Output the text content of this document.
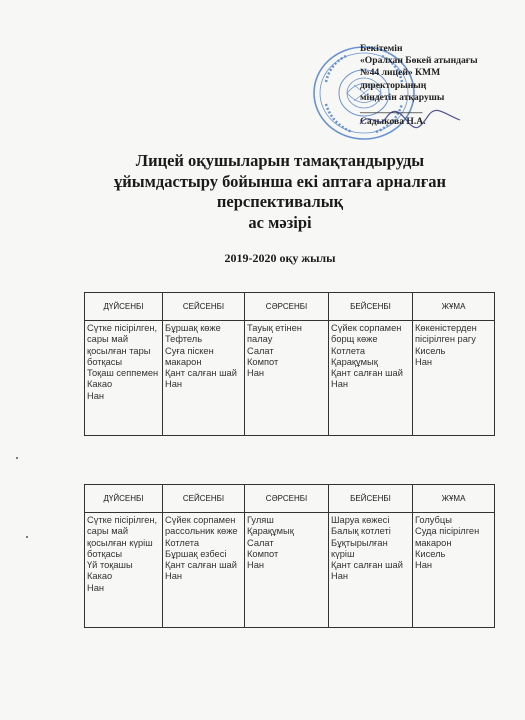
Бекітемін
«Оралхан Бөкей атындағы
№44 лицей» КММ
директорының
міндетін атқарушы
_____________
Садыкова Н.А.
Лицей оқушыларын тамақтандыруды
ұйымдастыру бойынша екі аптаға арналған
перспективалық
ас мәзірі
2019-2020 оқу жылы
ДҮЙСЕНБІ	СЕЙСЕНБІ	СӘРСЕНБІ	БЕЙСЕНБІ	ЖҰМА

Сүтке пісірілген, сары май қосылған тары ботқасы
Тоқаш сеппемен
Какао
Нан	Бұршақ көже
Тефтель
Суға піскен макарон
Қант салған шай
Нан	Тауық етінен палау
Салат
Компот
Нан	Сүйек сорпамен борщ көже
Котлета
Қарақұмық
Қант салған шай
Нан	Көкеністерден пісірілген рагу
Кисель
Нан
ДҮЙСЕНБІ	СЕЙСЕНБІ	СӘРСЕНБІ	БЕЙСЕНБІ	ЖҰМА

Сүтке пісірілген, сары май қосылған күріш ботқасы
Үй тоқашы
Какао
Нан	Сүйек сорпамен рассольник көже
Котлета
Бұршақ езбесі
Қант салған шай
Нан	Гуляш
Қарақұмық
Салат
Компот
Нан	Шаруа көжесі
Балық котлеті
Бұқтырылған күріш
Қант салған шай
Нан	Голубцы
Суда пісірілген макарон
Кисель
Нан
